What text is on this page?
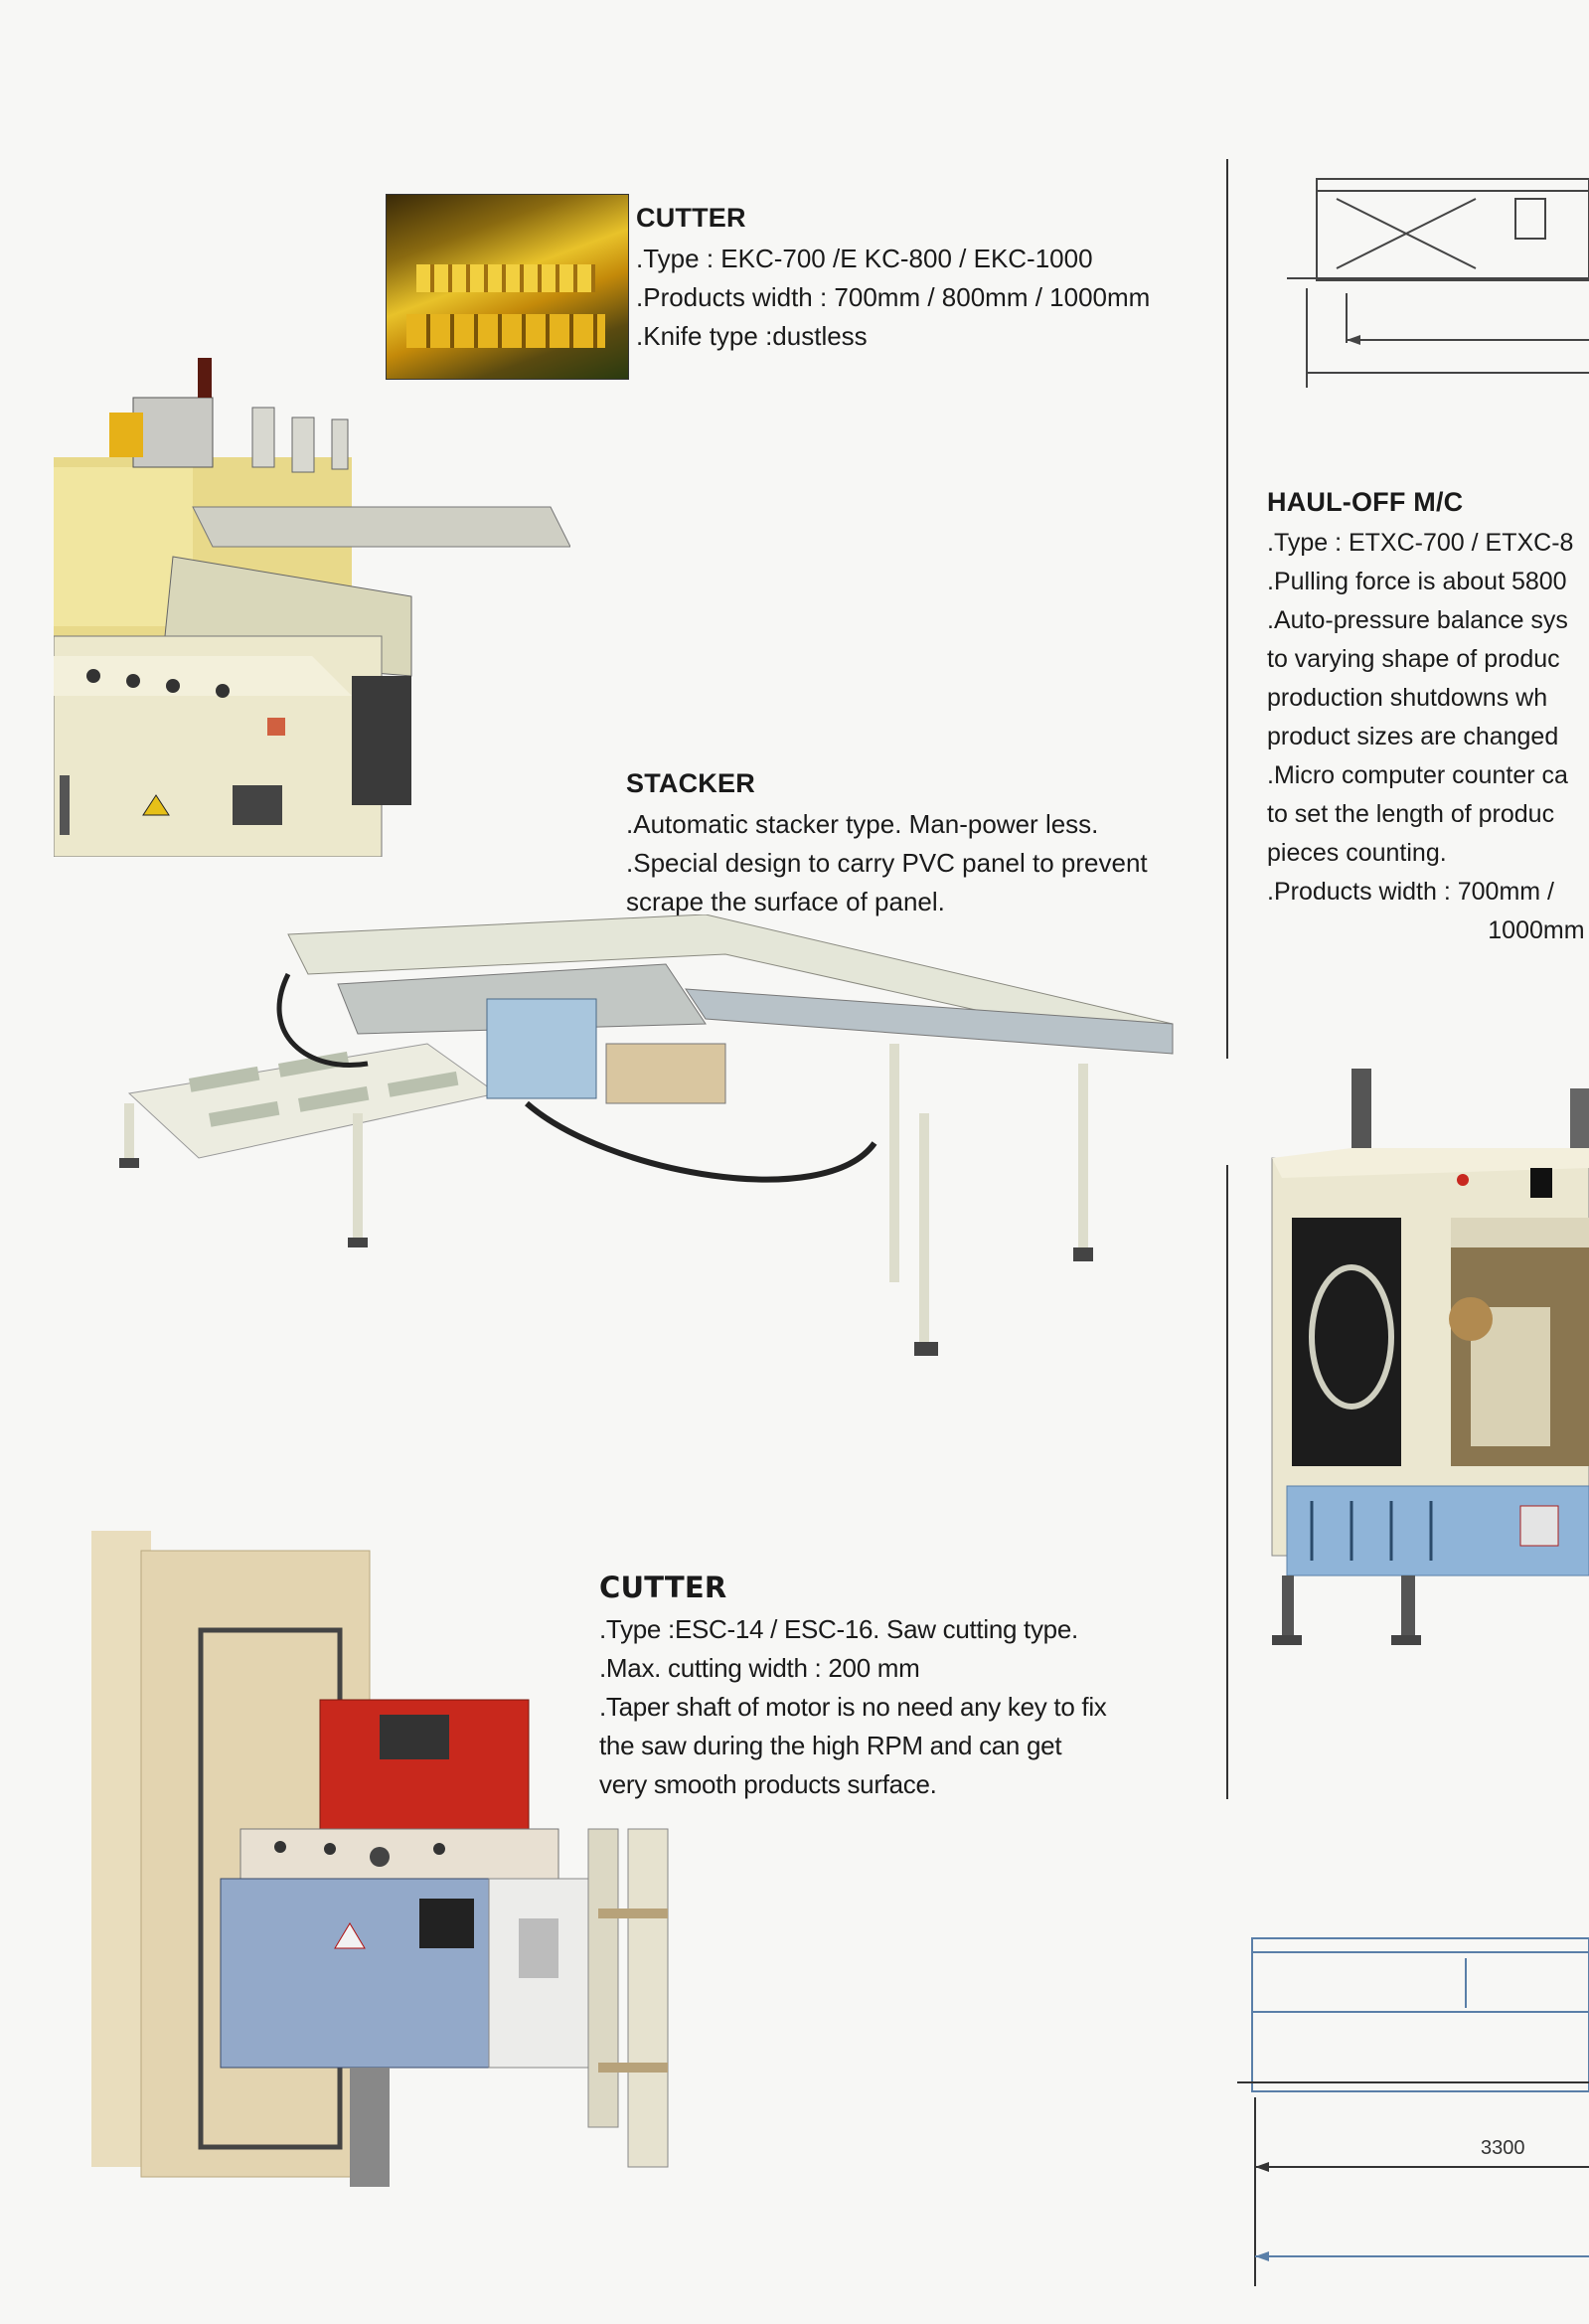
CUTTER
.Type : EKC-700 /E KC-800 / EKC-1000
.Products width : 700mm / 800mm / 1000mm
.Knife type :dustless
STACKER
.Automatic stacker type. Man-power less.
.Special design to carry PVC panel to prevent
scrape the surface of panel.
CUTTER
.Type :ESC-14 / ESC-16. Saw cutting type.
.Max. cutting width : 200 mm
.Taper shaft of motor is no need any key to fix
the saw during the high RPM and can get
very smooth products surface.
HAUL-OFF M/C
.Type : ETXC-700 / ETXC-8
.Pulling force is about 5800
.Auto-pressure balance sys
to varying shape of produc
production shutdowns wh
product sizes are changed
.Micro computer counter ca
to set the length of produc
pieces counting.
.Products width : 700mm /
1000mm
3300
